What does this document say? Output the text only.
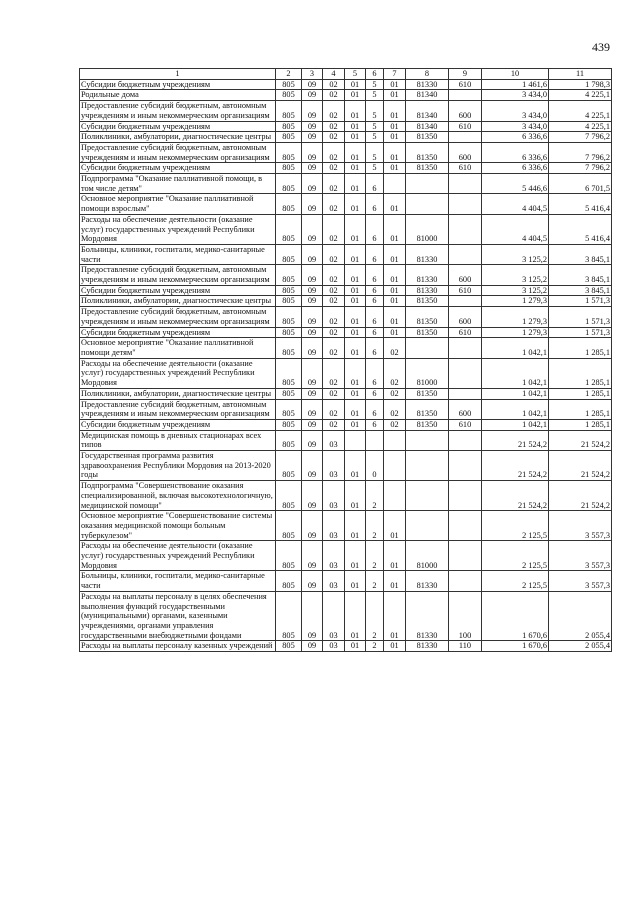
439
1	2	3	4	5	6	7	8	9	10	11
Субсидии бюджетным учреждениям	805	09	02	01	5	01	81330	610	1 461,6	1 798,3
Родильные дома	805	09	02	01	5	01	81340		3 434,0	4 225,1
Предоставление субсидий бюджетным, автономным учреждениям и иным некоммерческим организациям	805	09	02	01	5	01	81340	600	3 434,0	4 225,1
Субсидии бюджетным учреждениям	805	09	02	01	5	01	81340	610	3 434,0	4 225,1
Поликлиники, амбулатории, диагностические центры	805	09	02	01	5	01	81350		6 336,6	7 796,2
Предоставление субсидий бюджетным, автономным учреждениям и иным некоммерческим организациям	805	09	02	01	5	01	81350	600	6 336,6	7 796,2
Субсидии бюджетным учреждениям	805	09	02	01	5	01	81350	610	6 336,6	7 796,2
Подпрограмма "Оказание паллиативной помощи, в том числе детям"	805	09	02	01	6				5 446,6	6 701,5
Основное мероприятие "Оказание паллиативной помощи взрослым"	805	09	02	01	6	01			4 404,5	5 416,4
Расходы на обеспечение деятельности (оказание услуг) государственных учреждений Республики Мордовия	805	09	02	01	6	01	81000		4 404,5	5 416,4
Больницы, клиники, госпитали, медико-санитарные части	805	09	02	01	6	01	81330		3 125,2	3 845,1
Предоставление субсидий бюджетным, автономным учреждениям и иным некоммерческим организациям	805	09	02	01	6	01	81330	600	3 125,2	3 845,1
Субсидии бюджетным учреждениям	805	09	02	01	6	01	81330	610	3 125,2	3 845,1
Поликлиники, амбулатории, диагностические центры	805	09	02	01	6	01	81350		1 279,3	1 571,3
Предоставление субсидий бюджетным, автономным учреждениям и иным некоммерческим организациям	805	09	02	01	6	01	81350	600	1 279,3	1 571,3
Субсидии бюджетным учреждениям	805	09	02	01	6	01	81350	610	1 279,3	1 571,3
Основное мероприятие "Оказание паллиативной помощи детям"	805	09	02	01	6	02			1 042,1	1 285,1
Расходы на обеспечение деятельности (оказание услуг) государственных учреждений Республики Мордовия	805	09	02	01	6	02	81000		1 042,1	1 285,1
Поликлиники, амбулатории, диагностические центры	805	09	02	01	6	02	81350		1 042,1	1 285,1
Предоставление субсидий бюджетным, автономным учреждениям и иным некоммерческим организациям	805	09	02	01	6	02	81350	600	1 042,1	1 285,1
Субсидии бюджетным учреждениям	805	09	02	01	6	02	81350	610	1 042,1	1 285,1
Медицинская помощь в дневных стационарах всех типов	805	09	03						21 524,2	21 524,2
Государственная программа развития здравоохранения Республики Мордовия на 2013-2020 годы	805	09	03	01	0				21 524,2	21 524,2
Подпрограмма "Совершенствование оказания специализированной, включая высокотехнологичную, медицинской помощи"	805	09	03	01	2				21 524,2	21 524,2
Основное мероприятие "Совершенствование системы оказания медицинской помощи больным туберкулезом"	805	09	03	01	2	01			2 125,5	3 557,3
Расходы на обеспечение деятельности (оказание услуг) государственных учреждений Республики Мордовия	805	09	03	01	2	01	81000		2 125,5	3 557,3
Больницы, клиники, госпитали, медико-санитарные части	805	09	03	01	2	01	81330		2 125,5	3 557,3
Расходы на выплаты персоналу в целях обеспечения выполнения функций государственными (муниципальными) органами, казенными учреждениями, органами управления государственными внебюджетными фондами	805	09	03	01	2	01	81330	100	1 670,6	2 055,4
Расходы на выплаты персоналу казенных учреждений	805	09	03	01	2	01	81330	110	1 670,6	2 055,4
